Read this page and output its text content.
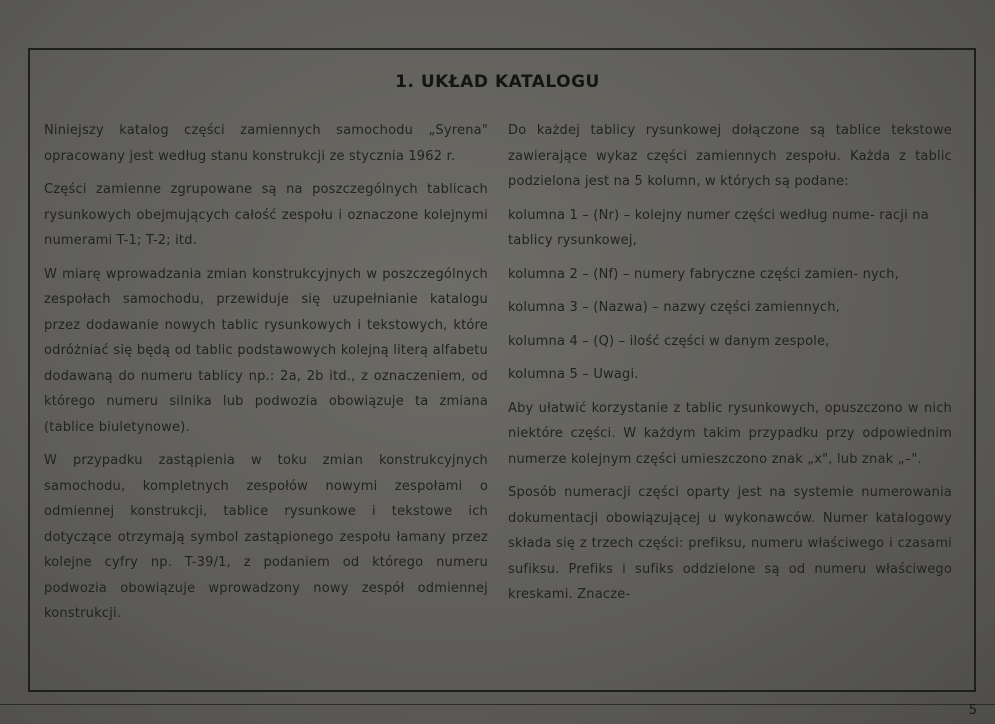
1. UKŁAD KATALOGU

Niniejszy katalog części zamiennych samochodu „Syrena" opracowany jest według stanu konstrukcji ze stycznia 1962 r.

Części zamienne zgrupowane są na poszczególnych tablicach rysunkowych obejmujących całość zespołu i oznaczone kolejnymi numerami T-1; T-2; itd.

W miarę wprowadzania zmian konstrukcyjnych w poszczególnych zespołach samochodu, przewiduje się uzupełnianie katalogu przez dodawanie nowych tablic rysunkowych i tekstowych, które odróżniać się będą od tablic podstawowych kolejną literą alfabetu dodawaną do numeru tablicy np.: 2a, 2b itd., z oznaczeniem, od którego numeru silnika lub podwozia obowiązuje ta zmiana (tablice biuletynowe).

W przypadku zastąpienia w toku zmian konstrukcyjnych samochodu, kompletnych zespołów nowymi zespołami o odmiennej konstrukcji, tablice rysunkowe i tekstowe ich dotyczące otrzymają symbol zastąpionego zespołu łamany przez kolejne cyfry np. T-39/1, z podaniem od którego numeru podwozia obowiązuje wprowadzony nowy zespół odmiennej konstrukcji.

Do każdej tablicy rysunkowej dołączone są tablice tekstowe zawierające wykaz części zamiennych zespołu. Każda z tablic podzielona jest na 5 kolumn, w których są podane:

kolumna 1 – (Nr) – kolejny numer części według nume- racji na tablicy rysunkowej,
kolumna 2 – (Nf) – numery fabryczne części zamien- nych,
kolumna 3 – (Nazwa) – nazwy części zamiennych,
kolumna 4 – (Q) – ilość części w danym zespole,
kolumna 5 – Uwagi.

Aby ułatwić korzystanie z tablic rysunkowych, opuszczono w nich niektóre części. W każdym takim przypadku przy odpowiednim numerze kolejnym części umieszczono znak „x", lub znak „–".

Sposób numeracji części oparty jest na systemie numerowania dokumentacji obowiązującej u wykonawców. Numer katalogowy składa się z trzech części: prefiksu, numeru właściwego i czasami sufiksu. Prefiks i sufiks oddzielone są od numeru właściwego kreskami. Znacze-

5
